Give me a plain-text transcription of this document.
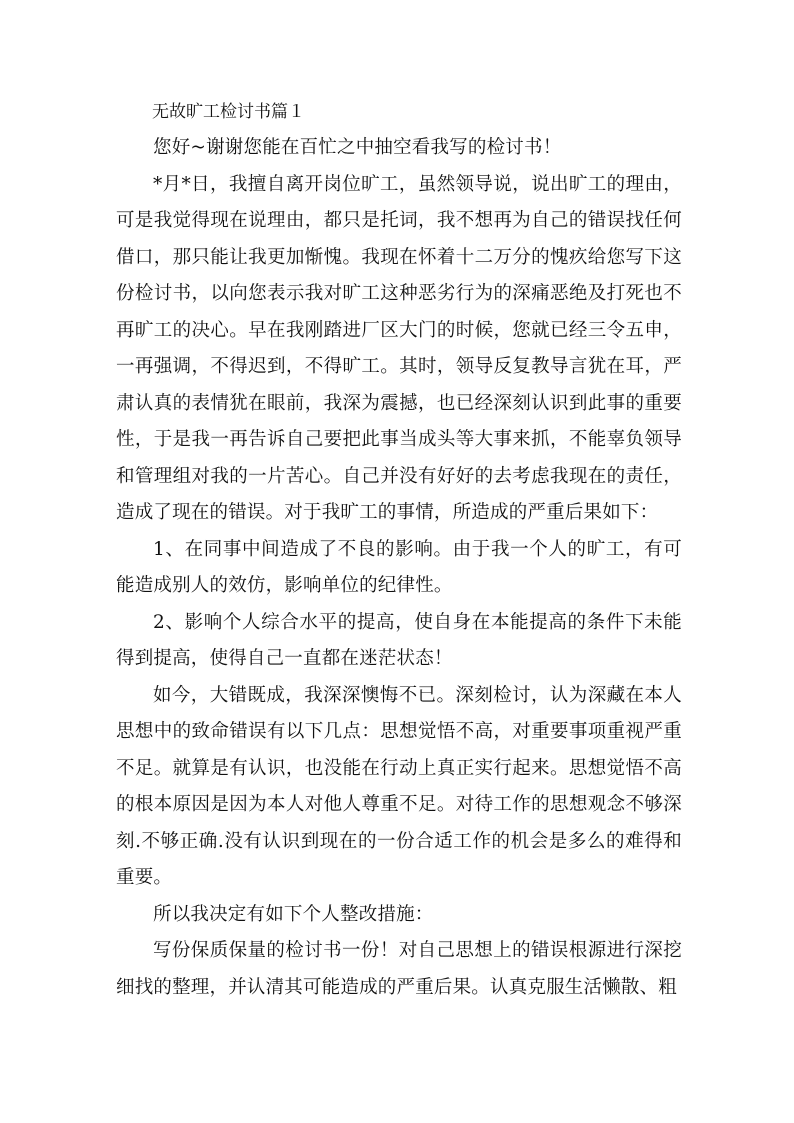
无故旷工检讨书篇１

您好~谢谢您能在百忙之中抽空看我写的检讨书！

*月*日，我擅自离开岗位旷工，虽然领导说，说出旷工的理由，可是我觉得现在说理由，都只是托词，我不想再为自己的错误找任何借口，那只能让我更加惭愧。我现在怀着十二万分的愧疚给您写下这份检讨书，以向您表示我对旷工这种恶劣行为的深痛恶绝及打死也不再旷工的决心。早在我刚踏进厂区大门的时候，您就已经三令五申，一再强调，不得迟到，不得旷工。其时，领导反复教导言犹在耳，严肃认真的表情犹在眼前，我深为震撼，也已经深刻认识到此事的重要性，于是我一再告诉自己要把此事当成头等大事来抓，不能辜负领导和管理组对我的一片苦心。自己并没有好好的去考虑我现在的责任，造成了现在的错误。对于我旷工的事情，所造成的严重后果如下：

1、在同事中间造成了不良的影响。由于我一个人的旷工，有可能造成别人的效仿，影响单位的纪律性。

2、影响个人综合水平的提高，使自身在本能提高的条件下未能得到提高，使得自己一直都在迷茫状态！

如今，大错既成，我深深懊悔不已。深刻检讨，认为深藏在本人思想中的致命错误有以下几点：思想觉悟不高，对重要事项重视严重不足。就算是有认识，也没能在行动上真正实行起来。思想觉悟不高的根本原因是因为本人对他人尊重不足。对待工作的思想观念不够深刻.不够正确.没有认识到现在的一份合适工作的机会是多么的难得和重要。

所以我决定有如下个人整改措施：

写份保质保量的检讨书一份！对自己思想上的错误根源进行深挖细找的整理，并认清其可能造成的严重后果。认真克服生活懒散、粗
